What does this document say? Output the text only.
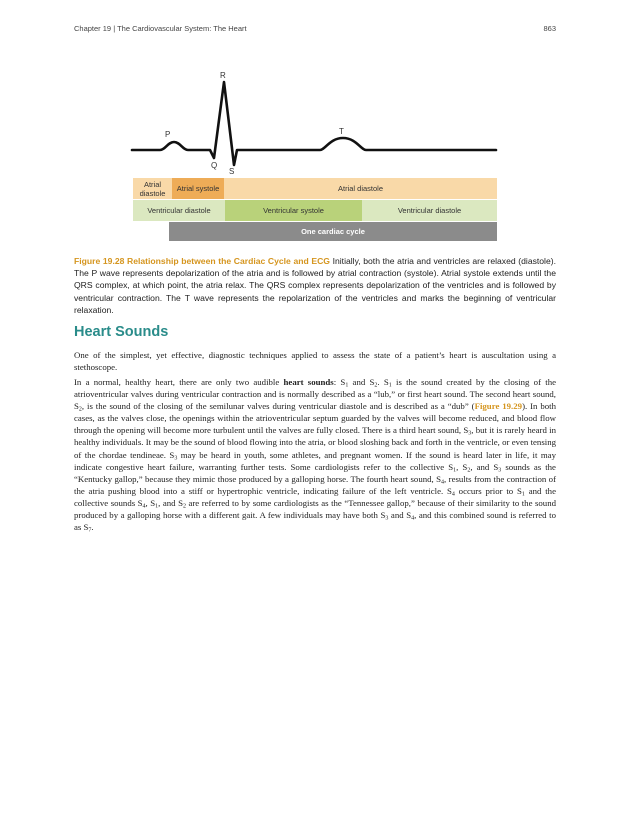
Chapter 19 | The Cardiovascular System: The Heart	863
P
Q
R
S
T
Atrial diastole	Atrial systole	Atrial diastole
Ventricular diastole	Ventricular systole	Ventricular diastole
One cardiac cycle
Figure 19.28 Relationship between the Cardiac Cycle and ECG Initially, both the atria and ventricles are relaxed (diastole). The P wave represents depolarization of the atria and is followed by atrial contraction (systole). Atrial systole extends until the QRS complex, at which point, the atria relax. The QRS complex represents depolarization of the ventricles and is followed by ventricular contraction. The T wave represents the repolarization of the ventricles and marks the beginning of ventricular relaxation.
Heart Sounds
One of the simplest, yet effective, diagnostic techniques applied to assess the state of a patient’s heart is auscultation using a stethoscope.
In a normal, healthy heart, there are only two audible heart sounds: $S_1$ and $S_2$. $S_1$ is the sound created by the closing of the atrioventricular valves during ventricular contraction and is normally described as a “lub,” or first heart sound. The second heart sound, $S_2$, is the sound of the closing of the semilunar valves during ventricular diastole and is described as a “dub” (Figure 19.29). In both cases, as the valves close, the openings within the atrioventricular septum guarded by the valves will become reduced, and blood flow through the opening will become more turbulent until the valves are fully closed. There is a third heart sound, $S_3$, but it is rarely heard in healthy individuals. It may be the sound of blood flowing into the atria, or blood sloshing back and forth in the ventricle, or even tensing of the chordae tendineae. $S_3$ may be heard in youth, some athletes, and pregnant women. If the sound is heard later in life, it may indicate congestive heart failure, warranting further tests. Some cardiologists refer to the collective $S_1$, $S_2$, and $S_3$ sounds as the “Kentucky gallop,” because they mimic those produced by a galloping horse. The fourth heart sound, $S_4$, results from the contraction of the atria pushing blood into a stiff or hypertrophic ventricle, indicating failure of the left ventricle. $S_4$ occurs prior to $S_1$ and the collective sounds $S_4$, $S_1$, and $S_2$ are referred to by some cardiologists as the “Tennessee gallop,” because of their similarity to the sound produced by a galloping horse with a different gait. A few individuals may have both $S_3$ and $S_4$, and this combined sound is referred to as $S_7$.
